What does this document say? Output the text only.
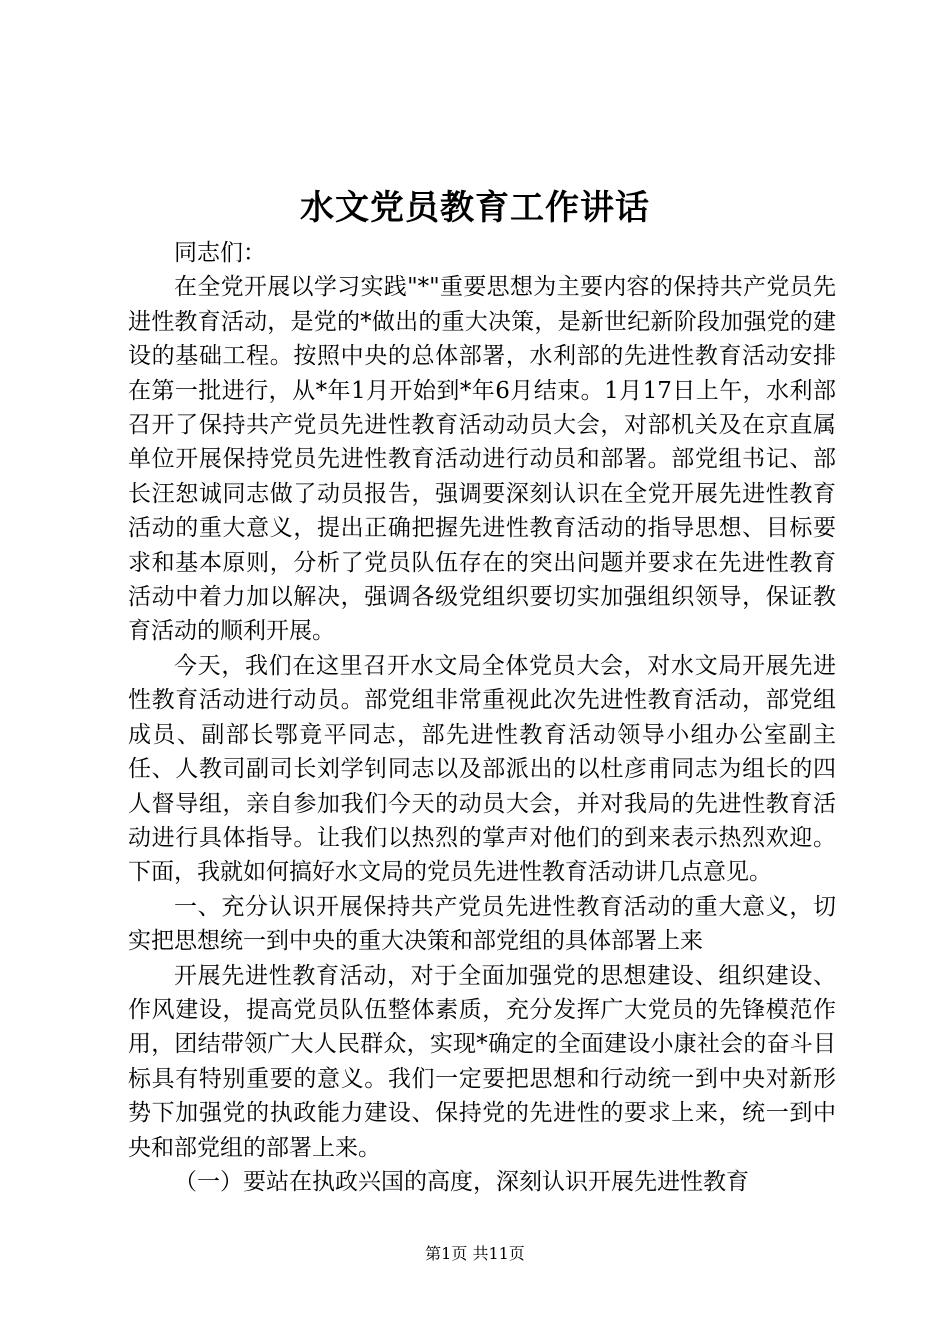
水文党员教育工作讲话

同志们：

在全党开展以学习实践"*"重要思想为主要内容的保持共产党员先进性教育活动，是党的*做出的重大决策，是新世纪新阶段加强党的建设的基础工程。按照中央的总体部署，水利部的先进性教育活动安排在第一批进行，从*年1月开始到*年6月结束。1月17日上午，水利部召开了保持共产党员先进性教育活动动员大会，对部机关及在京直属单位开展保持党员先进性教育活动进行动员和部署。部党组书记、部长汪恕诚同志做了动员报告，强调要深刻认识在全党开展先进性教育活动的重大意义，提出正确把握先进性教育活动的指导思想、目标要求和基本原则，分析了党员队伍存在的突出问题并要求在先进性教育活动中着力加以解决，强调各级党组织要切实加强组织领导，保证教育活动的顺利开展。

今天，我们在这里召开水文局全体党员大会，对水文局开展先进性教育活动进行动员。部党组非常重视此次先进性教育活动，部党组成员、副部长鄂竟平同志，部先进性教育活动领导小组办公室副主任、人教司副司长刘学钊同志以及部派出的以杜彦甫同志为组长的四人督导组，亲自参加我们今天的动员大会，并对我局的先进性教育活动进行具体指导。让我们以热烈的掌声对他们的到来表示热烈欢迎。下面，我就如何搞好水文局的党员先进性教育活动讲几点意见。

一、充分认识开展保持共产党员先进性教育活动的重大意义，切实把思想统一到中央的重大决策和部党组的具体部署上来

开展先进性教育活动，对于全面加强党的思想建设、组织建设、作风建设，提高党员队伍整体素质，充分发挥广大党员的先锋模范作用，团结带领广大人民群众，实现*确定的全面建设小康社会的奋斗目标具有特别重要的意义。我们一定要把思想和行动统一到中央对新形势下加强党的执政能力建设、保持党的先进性的要求上来，统一到中央和部党组的部署上来。

（一）要站在执政兴国的高度，深刻认识开展先进性教育

第1页 共11页
